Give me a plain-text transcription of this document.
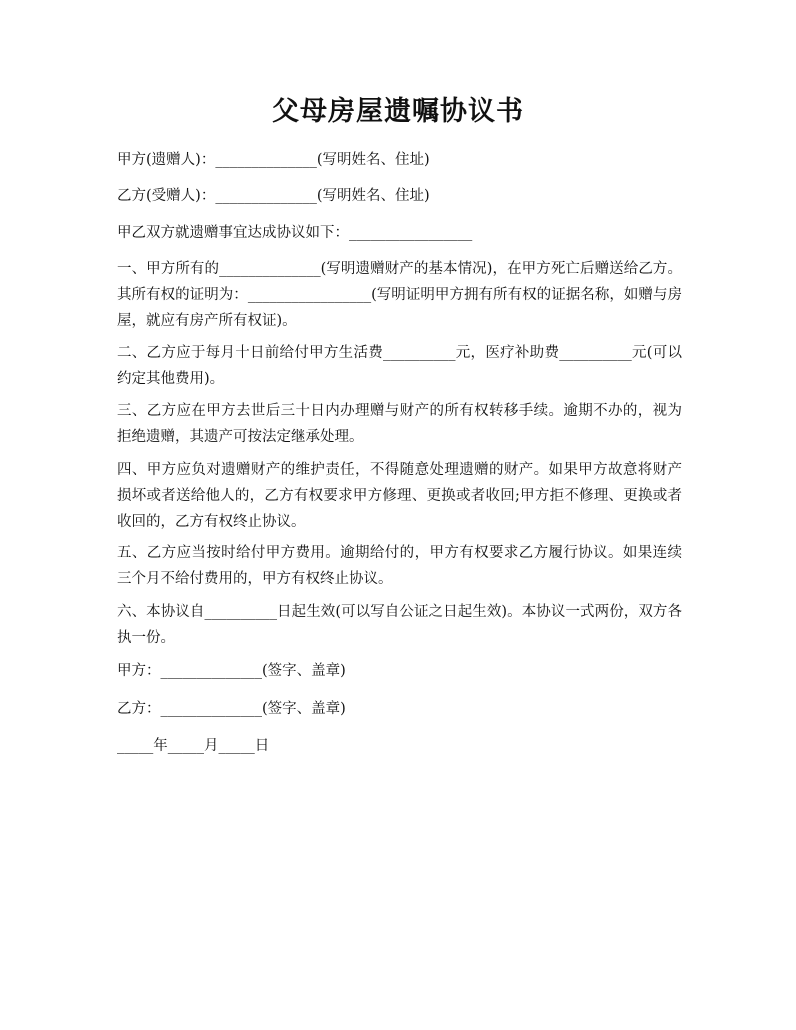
父母房屋遗嘱协议书
甲方(遗赠人)：______________(写明姓名、住址)
乙方(受赠人)：______________(写明姓名、住址)
甲乙双方就遗赠事宜达成协议如下：_________________
一、甲方所有的______________(写明遗赠财产的基本情况)，在甲方死亡后赠送给乙方。其所有权的证明为：_________________(写明证明甲方拥有所有权的证据名称，如赠与房屋，就应有房产所有权证)。
二、乙方应于每月十日前给付甲方生活费__________元，医疗补助费__________元(可以约定其他费用)。
三、乙方应在甲方去世后三十日内办理赠与财产的所有权转移手续。逾期不办的，视为拒绝遗赠，其遗产可按法定继承处理。
四、甲方应负对遗赠财产的维护责任，不得随意处理遗赠的财产。如果甲方故意将财产损坏或者送给他人的，乙方有权要求甲方修理、更换或者收回;甲方拒不修理、更换或者收回的，乙方有权终止协议。
五、乙方应当按时给付甲方费用。逾期给付的，甲方有权要求乙方履行协议。如果连续三个月不给付费用的，甲方有权终止协议。
六、本协议自__________日起生效(可以写自公证之日起生效)。本协议一式两份，双方各执一份。
甲方：______________(签字、盖章)
乙方：______________(签字、盖章)
_____年_____月_____日
